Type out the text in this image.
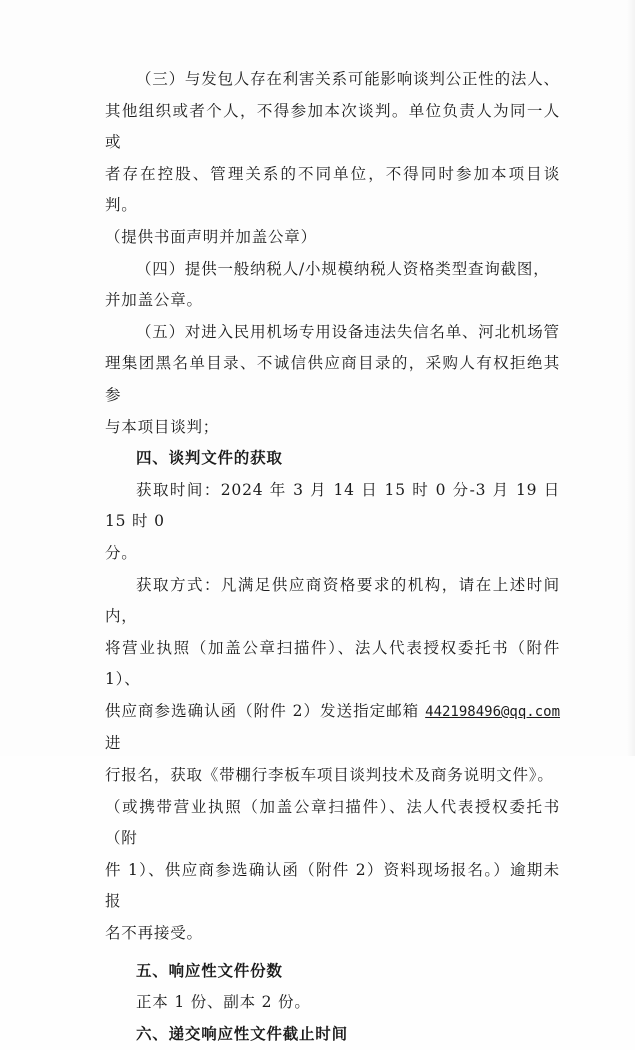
（三）与发包人存在利害关系可能影响谈判公正性的法人、
其他组织或者个人，不得参加本次谈判。单位负责人为同一人或
者存在控股、管理关系的不同单位，不得同时参加本项目谈判。
（提供书面声明并加盖公章）

（四）提供一般纳税人/小规模纳税人资格类型查询截图，
并加盖公章。

（五）对进入民用机场专用设备违法失信名单、河北机场管
理集团黑名单目录、不诚信供应商目录的，采购人有权拒绝其参
与本项目谈判；

四、谈判文件的获取

获取时间：2024 年 3 月 14 日 15 时 0 分-3 月 19 日 15 时 0
分。

获取方式：凡满足供应商资格要求的机构，请在上述时间内，
将营业执照（加盖公章扫描件）、法人代表授权委托书（附件 1）、
供应商参选确认函（附件 2）发送指定邮箱 442198496@qq.com进
行报名，获取《带棚行李板车项目谈判技术及商务说明文件》。
（或携带营业执照（加盖公章扫描件）、法人代表授权委托书（附
件 1）、供应商参选确认函（附件 2）资料现场报名。）逾期未报
名不再接受。

五、响应性文件份数

正本 1 份、副本 2 份。

六、递交响应性文件截止时间
